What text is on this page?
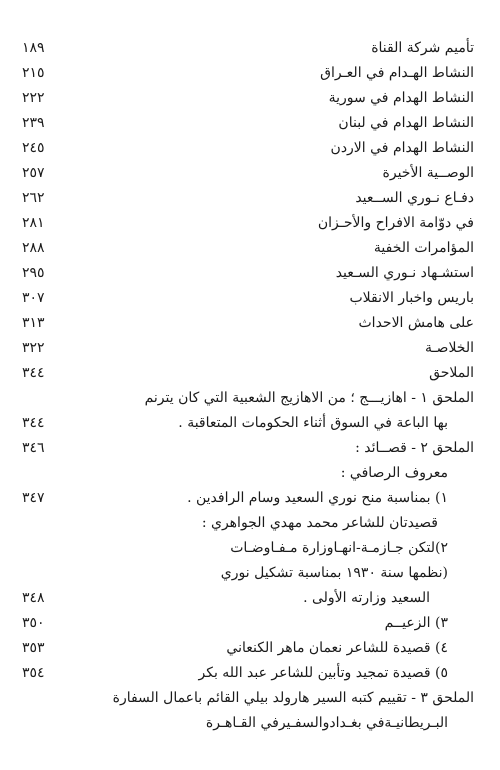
تأميم شركة القناة
١٨٩
النشاط الهـدام في العـراق
٢١٥
النشاط الهدام في سورية
٢٢٢
النشاط الهدام في لبنان
٢٣٩
النشاط الهدام في الاردن
٢٤٥
الوصــية الأخيرة
٢٥٧
دفـاع نـوري الســعيد
٢٦٢
في دوّامة الافراح والأحـزان
٢٨١
المؤامرات الخفية
٢٨٨
استشـهاد نـوري السـعيد
٢٩٥
باريس واخبار الانقلاب
٣٠٧
على هامش الاحداث
٣١٣
الخلاصـة
٣٢٢
الملاحق
٣٤٤
الملحق ١ - اهازيـــج ؛ من الاهازيج الشعبية التي كان يترنم
بها الباعة في السوق أثناء الحكومات المتعاقبة .
٣٤٤
الملحق ٢ - قصــائد :
٣٤٦
معروف الرصافي :
١) بمناسبة منح نوري السعيد وسام الرافدين .
٣٤٧
قصيدتان للشاعر محمد مهدي الجواهري :
٢)لتكن جـازمـة-انهـاوزارة مـفـاوضـات
(نظمها سنة ١٩٣٠ بمناسبة تشكيل نوري
السعيد وزارته الأولى .
٣٤٨
٣) الزعيــم
٣٥٠
٤) قصيدة للشاعر نعمان ماهر الكنعاني
٣٥٣
٥) قصيدة تمجيد وتأبين للشاعر عبد الله بكر
٣٥٤
الملحق ٣ - تقييم كتبه السير هارولد بيلي القائم باعمال السفارة
البـريطانيـةفي بغـدادوالسفـيرفي القـاهـرة
